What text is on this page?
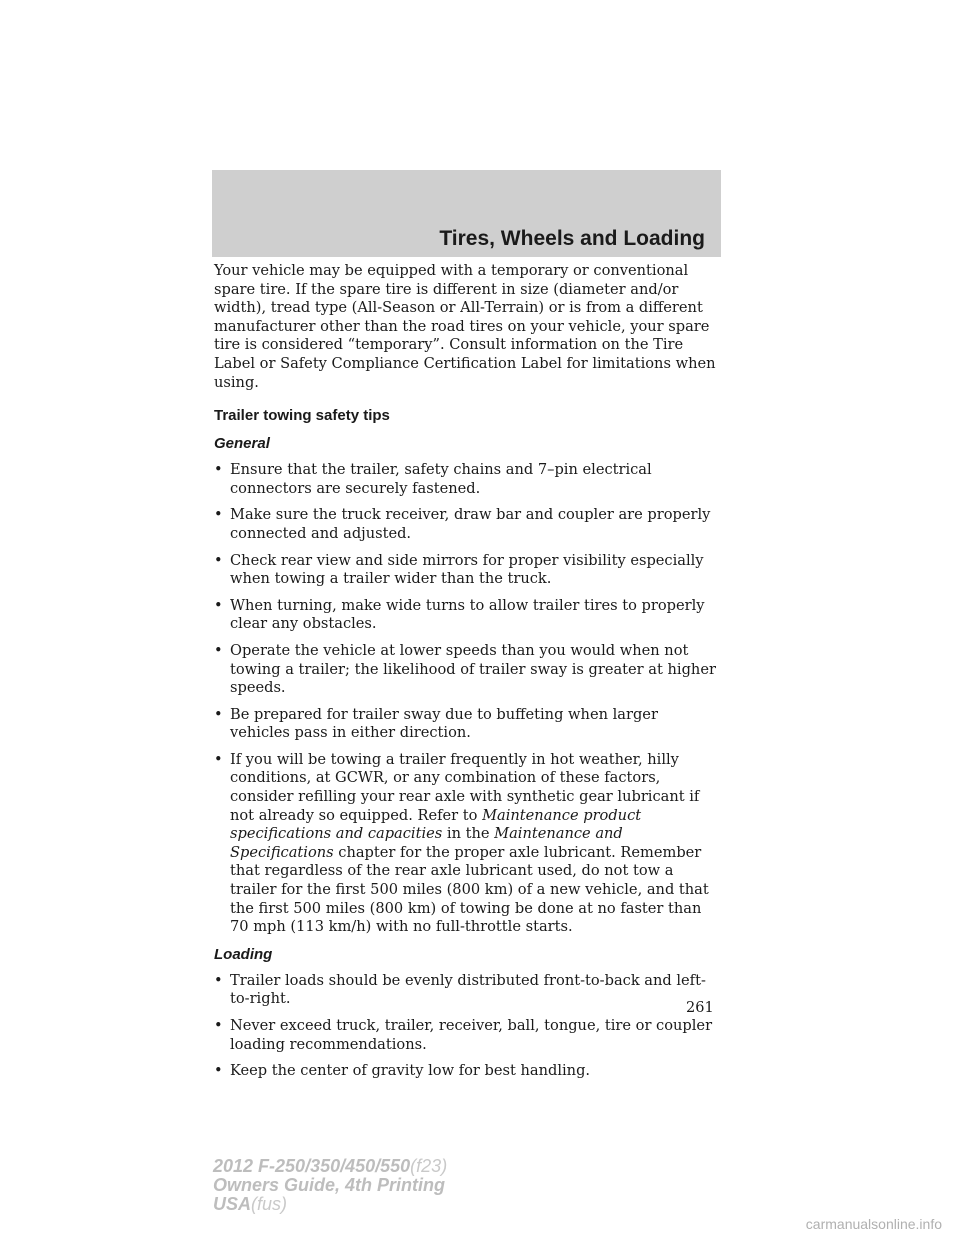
Tires, Wheels and Loading

Your vehicle may be equipped with a temporary or conventional spare tire. If the spare tire is different in size (diameter and/or width), tread type (All-Season or All-Terrain) or is from a different manufacturer other than the road tires on your vehicle, your spare tire is considered “temporary”. Consult information on the Tire Label or Safety Compliance Certification Label for limitations when using.

Trailer towing safety tips
General
• Ensure that the trailer, safety chains and 7–pin electrical connectors are securely fastened.
• Make sure the truck receiver, draw bar and coupler are properly connected and adjusted.
• Check rear view and side mirrors for proper visibility especially when towing a trailer wider than the truck.
• When turning, make wide turns to allow trailer tires to properly clear any obstacles.
• Operate the vehicle at lower speeds than you would when not towing a trailer; the likelihood of trailer sway is greater at higher speeds.
• Be prepared for trailer sway due to buffeting when larger vehicles pass in either direction.
• If you will be towing a trailer frequently in hot weather, hilly conditions, at GCWR, or any combination of these factors, consider refilling your rear axle with synthetic gear lubricant if not already so equipped. Refer to Maintenance product specifications and capacities in the Maintenance and Specifications chapter for the proper axle lubricant. Remember that regardless of the rear axle lubricant used, do not tow a trailer for the first 500 miles (800 km) of a new vehicle, and that the first 500 miles (800 km) of towing be done at no faster than 70 mph (113 km/h) with no full-throttle starts.
Loading
• Trailer loads should be evenly distributed front-to-back and left-to-right.
• Never exceed truck, trailer, receiver, ball, tongue, tire or coupler loading recommendations.
• Keep the center of gravity low for best handling.
261
2012 F-250/350/450/550(f23)
Owners Guide, 4th Printing
USA(fus)
carmanualsonline.info
